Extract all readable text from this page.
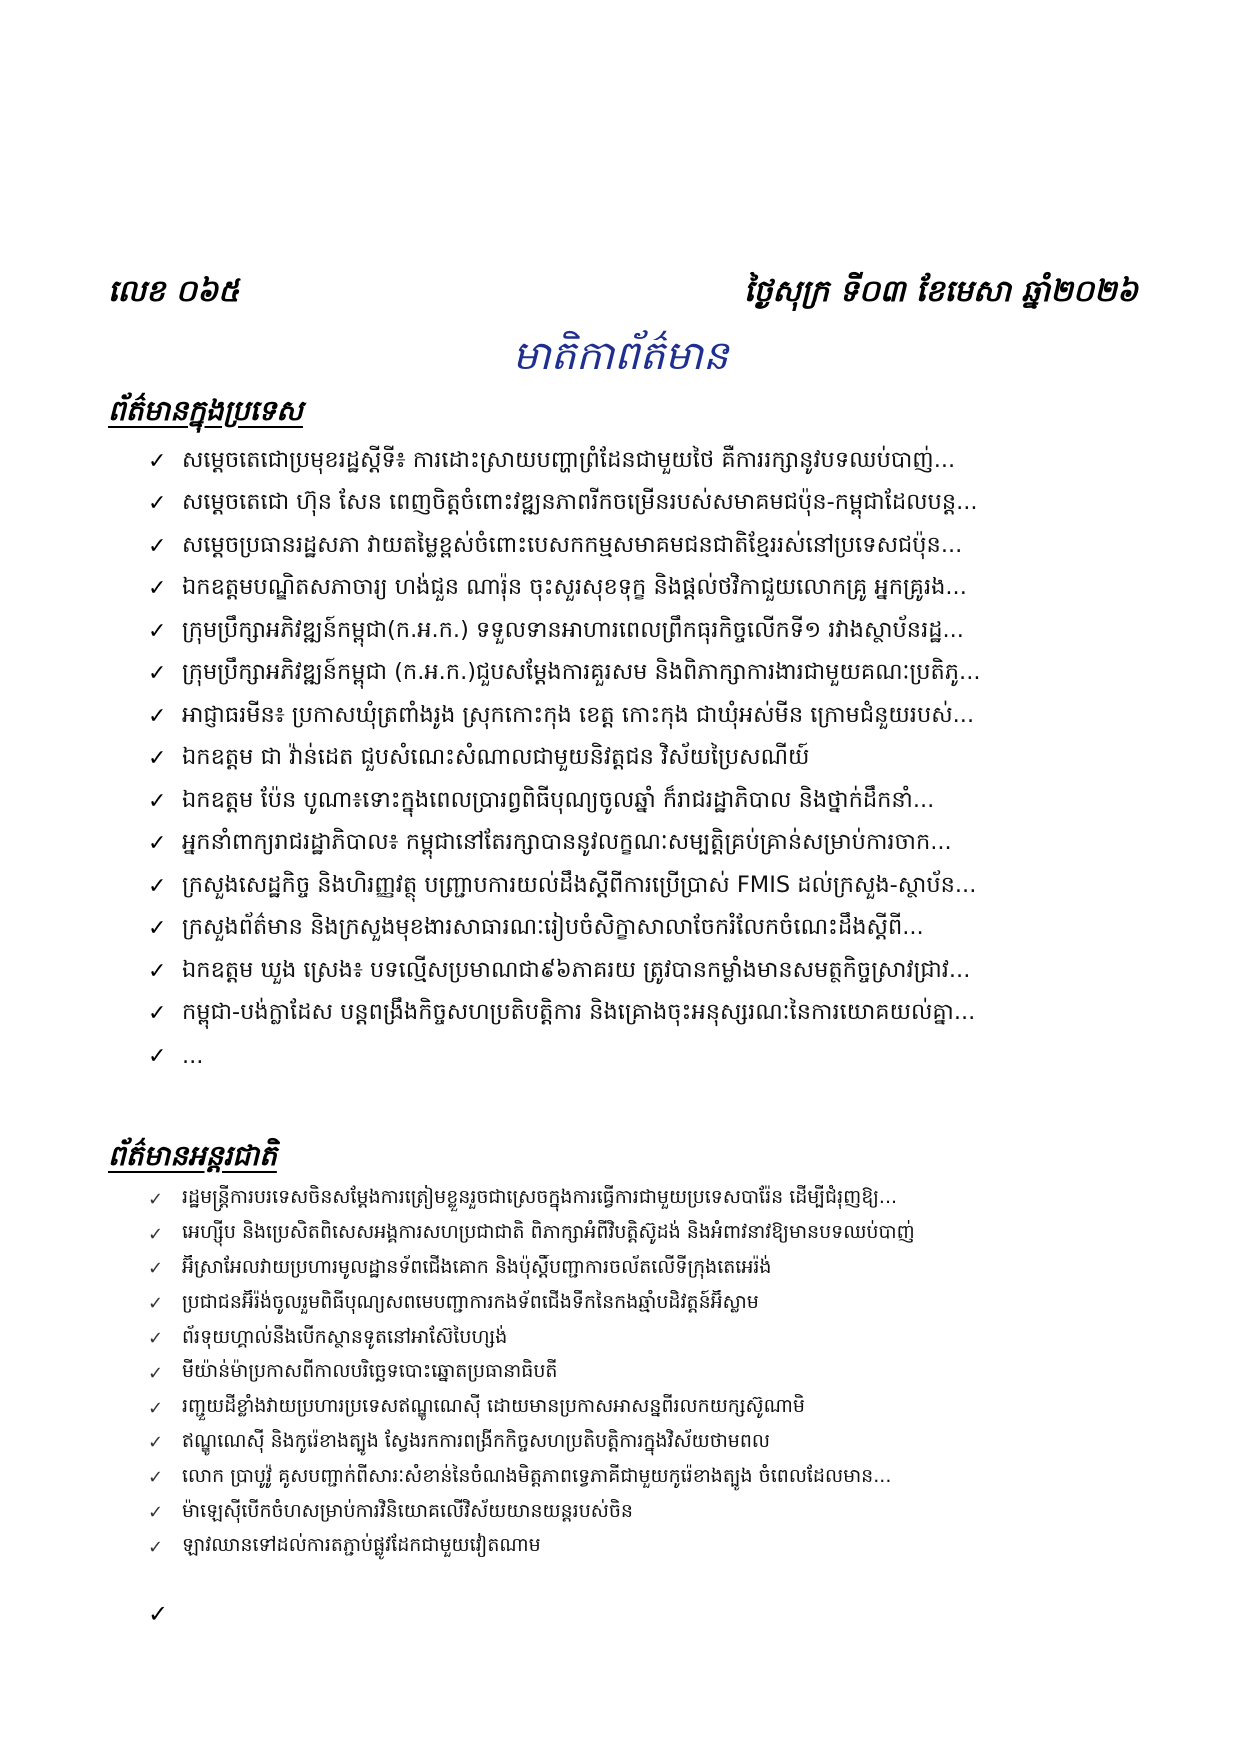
លេខ ០៦៥	ថ្ងៃសុក្រ ទី០៣ ខែមេសា ឆ្នាំ២០២៦
មាតិកាព័ត៌មាន
ព័ត៌មានក្នុងប្រទេស
✓ សម្តេចតេជោប្រមុខរដ្ឋស្តីទី៖ ការដោះស្រាយបញ្ហាព្រំដែនជាមួយថៃ គឺការរក្សានូវបទឈប់បាញ់...
✓ សម្តេចតេជោ ហ៊ុន សែន ពេញចិត្តចំពោះវឌ្ឍនភាពរីកចម្រើនរបស់សមាគមជប៉ុន-កម្ពុជាដែលបន្ត...
✓ សម្តេចប្រធានរដ្ឋសភា វាយតម្លៃខ្ពស់ចំពោះបេសកកម្មសមាគមជនជាតិខ្មែររស់នៅប្រទេសជប៉ុន...
✓ ឯកឧត្តមបណ្ឌិតសភាចារ្យ ហង់ជួន ណារ៉ុន ចុះសួរសុខទុក្ខ និងផ្តល់ថវិកាជួយលោកគ្រូ អ្នកគ្រូរង...
✓ ក្រុមប្រឹក្សាអភិវឌ្ឍន៍កម្ពុជា(ក.អ.ក.) ទទួលទានអាហារពេលព្រឹកធុរកិច្ចលើកទី១ រវាងស្ថាប័នរដ្ឋ...
✓ ក្រុមប្រឹក្សាអភិវឌ្ឍន៍កម្ពុជា (ក.អ.ក.)ជួបសម្តែងការគួរសម និងពិភាក្សាការងារជាមួយគណៈប្រតិភូ...
✓ អាជ្ញាធរមីន៖ ប្រកាសឃុំត្រពាំងរូង ស្រុកកោះកុង ខេត្ត កោះកុង ជាឃុំអស់មីន ក្រោមជំនួយរបស់...
✓ ឯកឧត្តម ជា វ៉ាន់ដេត ជួបសំណេះសំណាលជាមួយនិវត្តជន វិស័យប្រៃសណីយ៍
✓ ឯកឧត្តម ប៉ែន បូណា៖ទោះក្នុងពេលប្រារព្វពិធីបុណ្យចូលឆ្នាំ ក៏រាជរដ្ឋាភិបាល និងថ្នាក់ដឹកនាំ...
✓ អ្នកនាំពាក្យរាជរដ្ឋាភិបាល៖ កម្ពុជានៅតែរក្សាបាននូវលក្ខណៈសម្បត្តិគ្រប់គ្រាន់សម្រាប់ការចាក...
✓ ក្រសួងសេដ្ឋកិច្ច និងហិរញ្ញវត្ថុ បញ្ជ្រាបការយល់ដឹងស្តីពីការប្រើប្រាស់ FMIS ដល់ក្រសួង-ស្ថាប័ន...
✓ ក្រសួងព័ត៌មាន និងក្រសួងមុខងារសាធារណៈរៀបចំសិក្ខាសាលាចែករំលែកចំណេះដឹងស្តីពី...
✓ ឯកឧត្តម ឃួង ស្រេង៖ បទល្មើសប្រមាណជា៩៦ភាគរយ ត្រូវបានកម្លាំងមានសមត្ថកិច្ចស្រាវជ្រាវ...
✓ កម្ពុជា-បង់ក្លាដែស បន្តពង្រឹងកិច្ចសហប្រតិបត្តិការ និងគ្រោងចុះអនុស្សរណៈនៃការយោគយល់គ្នា...
✓ ...
ព័ត៌មានអន្តរជាតិ
✓ រដ្ឋមន្ត្រីការបរទេសចិនសម្តែងការត្រៀមខ្លួនរួចជាស្រេចក្នុងការធ្វើការជាមួយប្រទេសបារ៉ែន ដើម្បីជំរុញឱ្យ...
✓ អេហ្ស៊ីប និងប្រេសិតពិសេសអង្គការសហប្រជាជាតិ ពិភាក្សាអំពីវិបត្តិស៊ូដង់ និងអំពាវនាវឱ្យមានបទឈប់បាញ់
✓ អ៊ីស្រាអែលវាយប្រហារមូលដ្ឋានទ័ពជើងគោក និងប៉ុស្តិ៍បញ្ជាការចល័តលើទីក្រុងតេអេរ៉ង់
✓ ប្រជាជនអ៊ីរ៉ង់ចូលរួមពិធីបុណ្យសពមេបញ្ជាការកងទ័ពជើងទឹកនៃកងឆ្មាំបដិវត្តន៍អ៊ីស្លាម
✓ ព័រទុយហ្គាល់នឹងបើកស្ថានទូតនៅអាស៊ែបៃហ្សង់
✓ មីយ៉ាន់ម៉ាប្រកាសពីកាលបរិច្ឆេទបោះឆ្នោតប្រធានាធិបតី
✓ រញ្ជួយដីខ្លាំងវាយប្រហារប្រទេសឥណ្ឌូណេស៊ី ដោយមានប្រកាសអាសន្នពីរលកយក្សស៊ូណាមិ
✓ ឥណ្ឌូណេស៊ី និងកូរ៉េខាងត្បូង ស្វែងរកការពង្រីកកិច្ចសហប្រតិបត្តិការក្នុងវិស័យថាមពល
✓ លោក ប្រាបូវ៉ូ គូសបញ្ជាក់ពីសារៈសំខាន់នៃចំណងមិត្តភាពទ្វេភាគីជាមួយកូរ៉េខាងត្បូង ចំពេលដែលមាន...
✓ ម៉ាឡេស៊ីបើកចំហសម្រាប់ការវិនិយោគលើវិស័យយានយន្តរបស់ចិន
✓ ឡាវឈានទៅដល់ការតភ្ជាប់ផ្លូវដែកជាមួយវៀតណាម
✓
